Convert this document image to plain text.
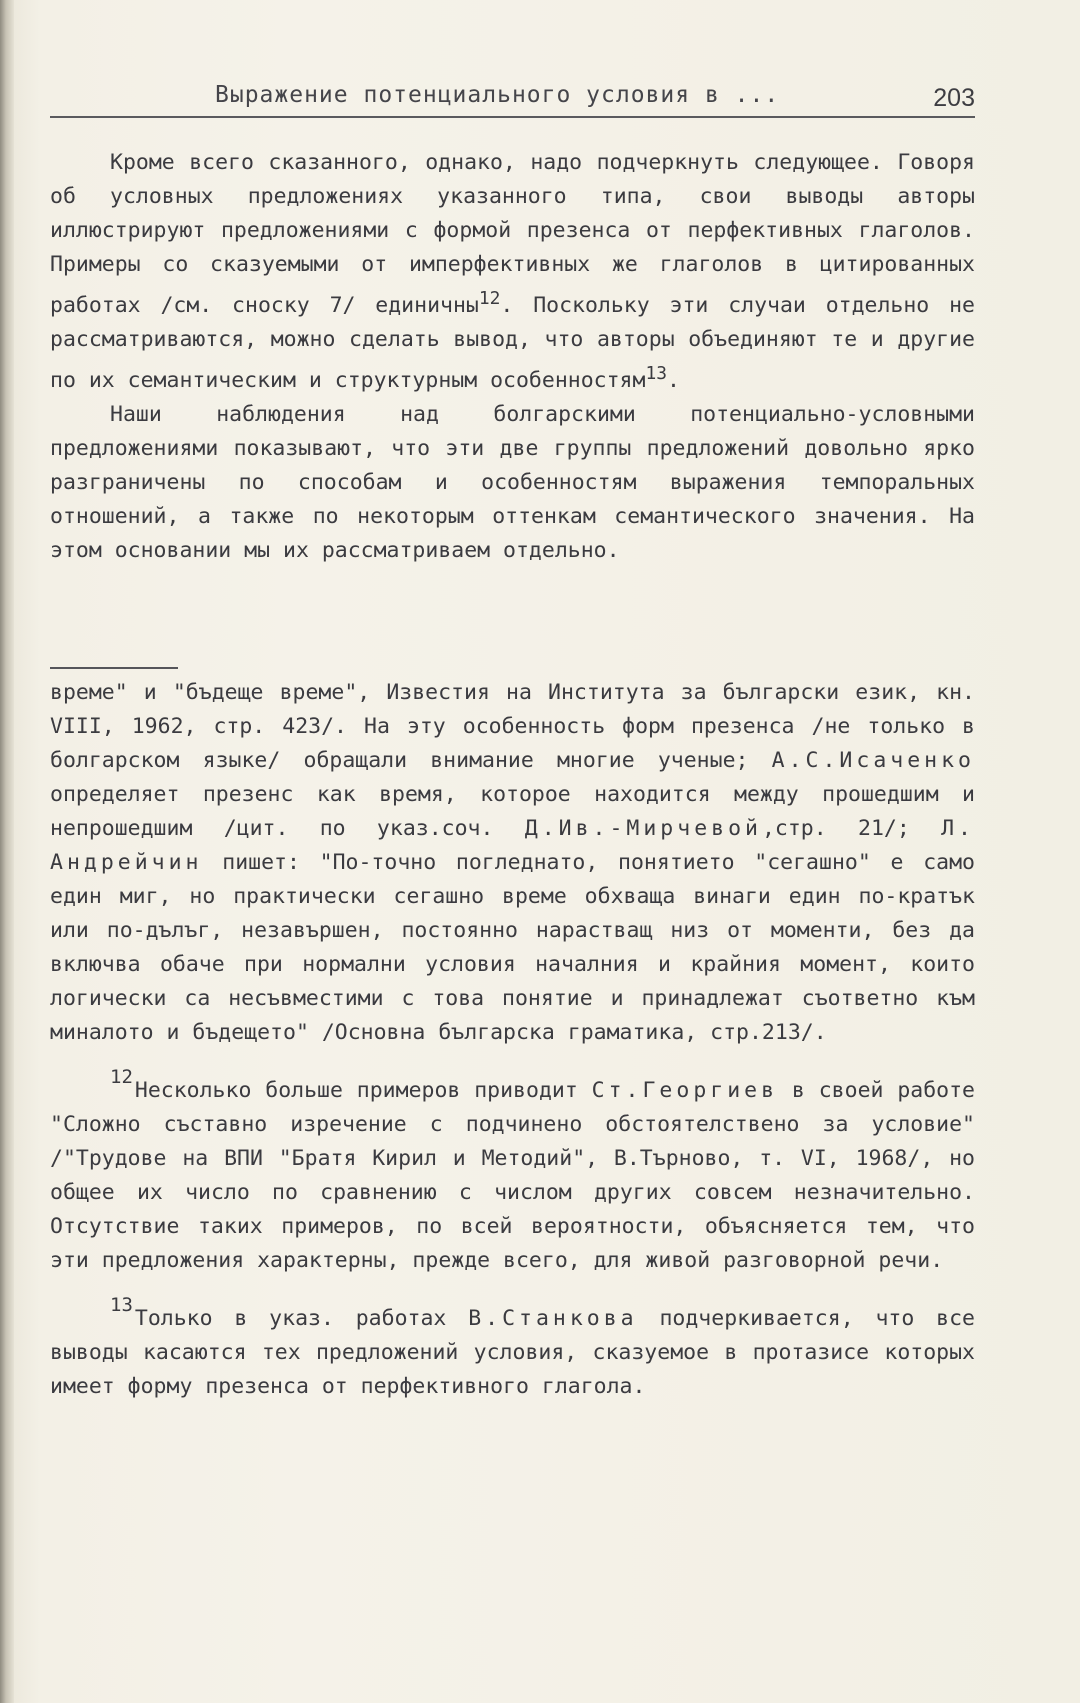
Выражение потенциального условия в ...	203

Кроме всего сказанного, однако, надо подчеркнуть следующее. Говоря об условных предложениях указанного типа, свои выводы авторы иллюстрируют предложениями с формой презенса от перфективных глаголов. Примеры со сказуемыми от имперфективных же глаголов в цитированных работах /см. сноску 7/ единичны$^{12}$. Поскольку эти случаи отдельно не рассматриваются, можно сделать вывод, что авторы объединяют те и другие по их семантическим и структурным особенностям$^{13}$.

Наши наблюдения над болгарскими потенциально-условными предложениями показывают, что эти две группы предложений довольно ярко разграничены по способам и особенностям выражения темпоральных отношений, а также по некоторым оттенкам семантического значения. На этом основании мы их рассматриваем отдельно.

време" и "бъдеще време", Известия на Института за български език, кн. VIII, 1962, стр. 423/. На эту особенность форм презенса /не только в болгарском языке/ обращали внимание многие ученые; А.С.Исаченко определяет презенс как время, которое находится между прошедшим и непрошедшим /цит. по указ.соч. Д.Ив.-Мирчевой,стр. 21/; Л. Андрейчин пишет: "По-точно погледнато, понятието "сегашно" е само един миг, но практически сегашно време обхваща винаги един по-кратък или по-дълъг, незавършен, постоянно нарастващ низ от моменти, без да включва обаче при нормални условия началния и крайния момент, които логически са несъвместими с това понятие и принадлежат съответно към миналото и бъдещето" /Основна българска граматика, стр.213/.

12Несколько больше примеров приводит Ст.Георгиев в своей работе "Сложно съставно изречение с подчинено обстоятелствено за условие" /"Трудове на ВПИ "Братя Кирил и Методий", В.Търново, т. VI, 1968/, но общее их число по сравнению с числом других совсем незначительно. Отсутствие таких примеров, по всей вероятности, объясняется тем, что эти предложения характерны, прежде всего, для живой разговорной речи.

13Только в указ. работах В.Станкова подчеркивается, что все выводы касаются тех предложений условия, сказуемое в протазисе которых имеет форму презенса от перфективного глагола.
